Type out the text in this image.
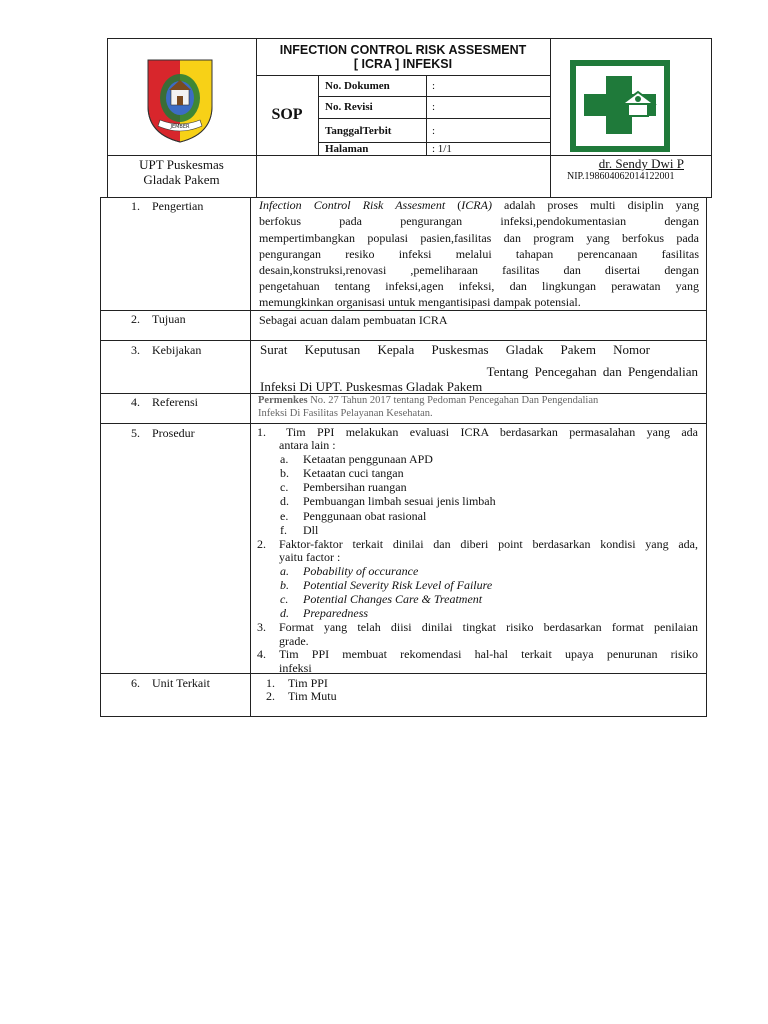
JEMBER
INFECTION CONTROL RISK ASSESMENT
[ ICRA ] INFEKSI
SOP
No. Dokumen	:
No. Revisi	:
TanggalTerbit	:
Halaman	: 1/1
UPT Puskesmas
Gladak Pakem
dr. Sendy Dwi P
NIP.198604062014122001
1. Pengertian	Infection Control Risk Assesment (ICRA) adalah proses multi disiplin yang
berfokus pada pengurangan infeksi,pendokumentasian dengan
mempertimbangkan populasi pasien,fasilitas dan program yang berfokus pada
pengurangan resiko infeksi melalui tahapan perencanaan fasilitas
desain,konstruksi,renovasi ,pemeliharaan fasilitas dan disertai dengan
pengetahuan tentang infeksi,agen infeksi, dan lingkungan perawatan yang
memungkinkan organisasi untuk mengantisipasi dampak potensial.
2. Tujuan	Sebagai acuan dalam pembuatan ICRA
3. Kebijakan	Surat Keputusan Kepala Puskesmas Gladak Pakem Nomor
Tentang Pencegahan dan Pengendalian
Infeksi Di UPT. Puskesmas Gladak Pakem
4. Referensi	Permenkes No. 27 Tahun 2017 tentang Pedoman Pencegahan Dan Pengendalian
Infeksi Di Fasilitas Pelayanan Kesehatan.
5. Prosedur	1. Tim PPI melakukan evaluasi ICRA berdasarkan permasalahan yang ada
antara lain :
a. Ketaatan penggunaan APD
b. Ketaatan cuci tangan
c. Pembersihan ruangan
d. Pembuangan limbah sesuai jenis limbah
e. Penggunaan obat rasional
f. Dll
2. Faktor-faktor terkait dinilai dan diberi point berdasarkan kondisi yang ada,
yaitu factor :
a. Pobability of occurance
b. Potential Severity Risk Level of Failure
c. Potential Changes Care & Treatment
d. Preparedness
3. Format yang telah diisi dinilai tingkat risiko berdasarkan format penilaian
grade.
4. Tim PPI membuat rekomendasi hal-hal terkait upaya penurunan risiko
infeksi
6. Unit Terkait	1. Tim PPI
2. Tim Mutu
